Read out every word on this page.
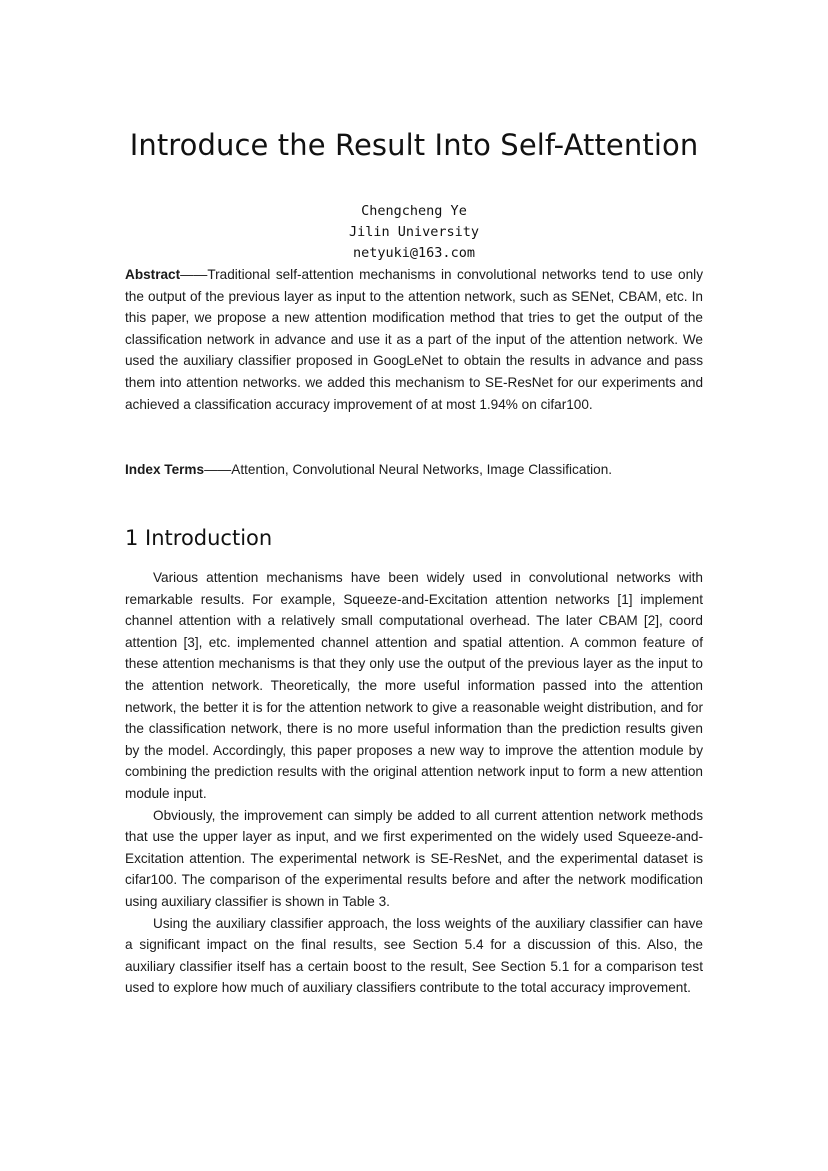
Introduce the Result Into Self-Attention
Chengcheng Ye
Jilin University
netyuki@163.com
Abstract——Traditional self-attention mechanisms in convolutional networks tend to use only the output of the previous layer as input to the attention network, such as SENet, CBAM, etc. In this paper, we propose a new attention modification method that tries to get the output of the classification network in advance and use it as a part of the input of the attention network. We used the auxiliary classifier proposed in GoogLeNet to obtain the results in advance and pass them into attention networks. we added this mechanism to SE-ResNet for our experiments and achieved a classification accuracy improvement of at most 1.94% on cifar100.
Index Terms——Attention, Convolutional Neural Networks, Image Classification.
1 Introduction

Various attention mechanisms have been widely used in convolutional networks with remarkable results. For example, Squeeze-and-Excitation attention networks [1] implement channel attention with a relatively small computational overhead. The later CBAM [2], coord attention [3], etc. implemented channel attention and spatial attention. A common feature of these attention mechanisms is that they only use the output of the previous layer as the input to the attention network. Theoretically, the more useful information passed into the attention network, the better it is for the attention network to give a reasonable weight distribution, and for the classification network, there is no more useful information than the prediction results given by the model. Accordingly, this paper proposes a new way to improve the attention module by combining the prediction results with the original attention network input to form a new attention module input.

Obviously, the improvement can simply be added to all current attention network methods that use the upper layer as input, and we first experimented on the widely used Squeeze-and-Excitation attention. The experimental network is SE-ResNet, and the experimental dataset is cifar100. The comparison of the experimental results before and after the network modification using auxiliary classifier is shown in Table 3.

Using the auxiliary classifier approach, the loss weights of the auxiliary classifier can have a significant impact on the final results, see Section 5.4 for a discussion of this. Also, the auxiliary classifier itself has a certain boost to the result, See Section 5.1 for a comparison test used to explore how much of auxiliary classifiers contribute to the total accuracy improvement.
